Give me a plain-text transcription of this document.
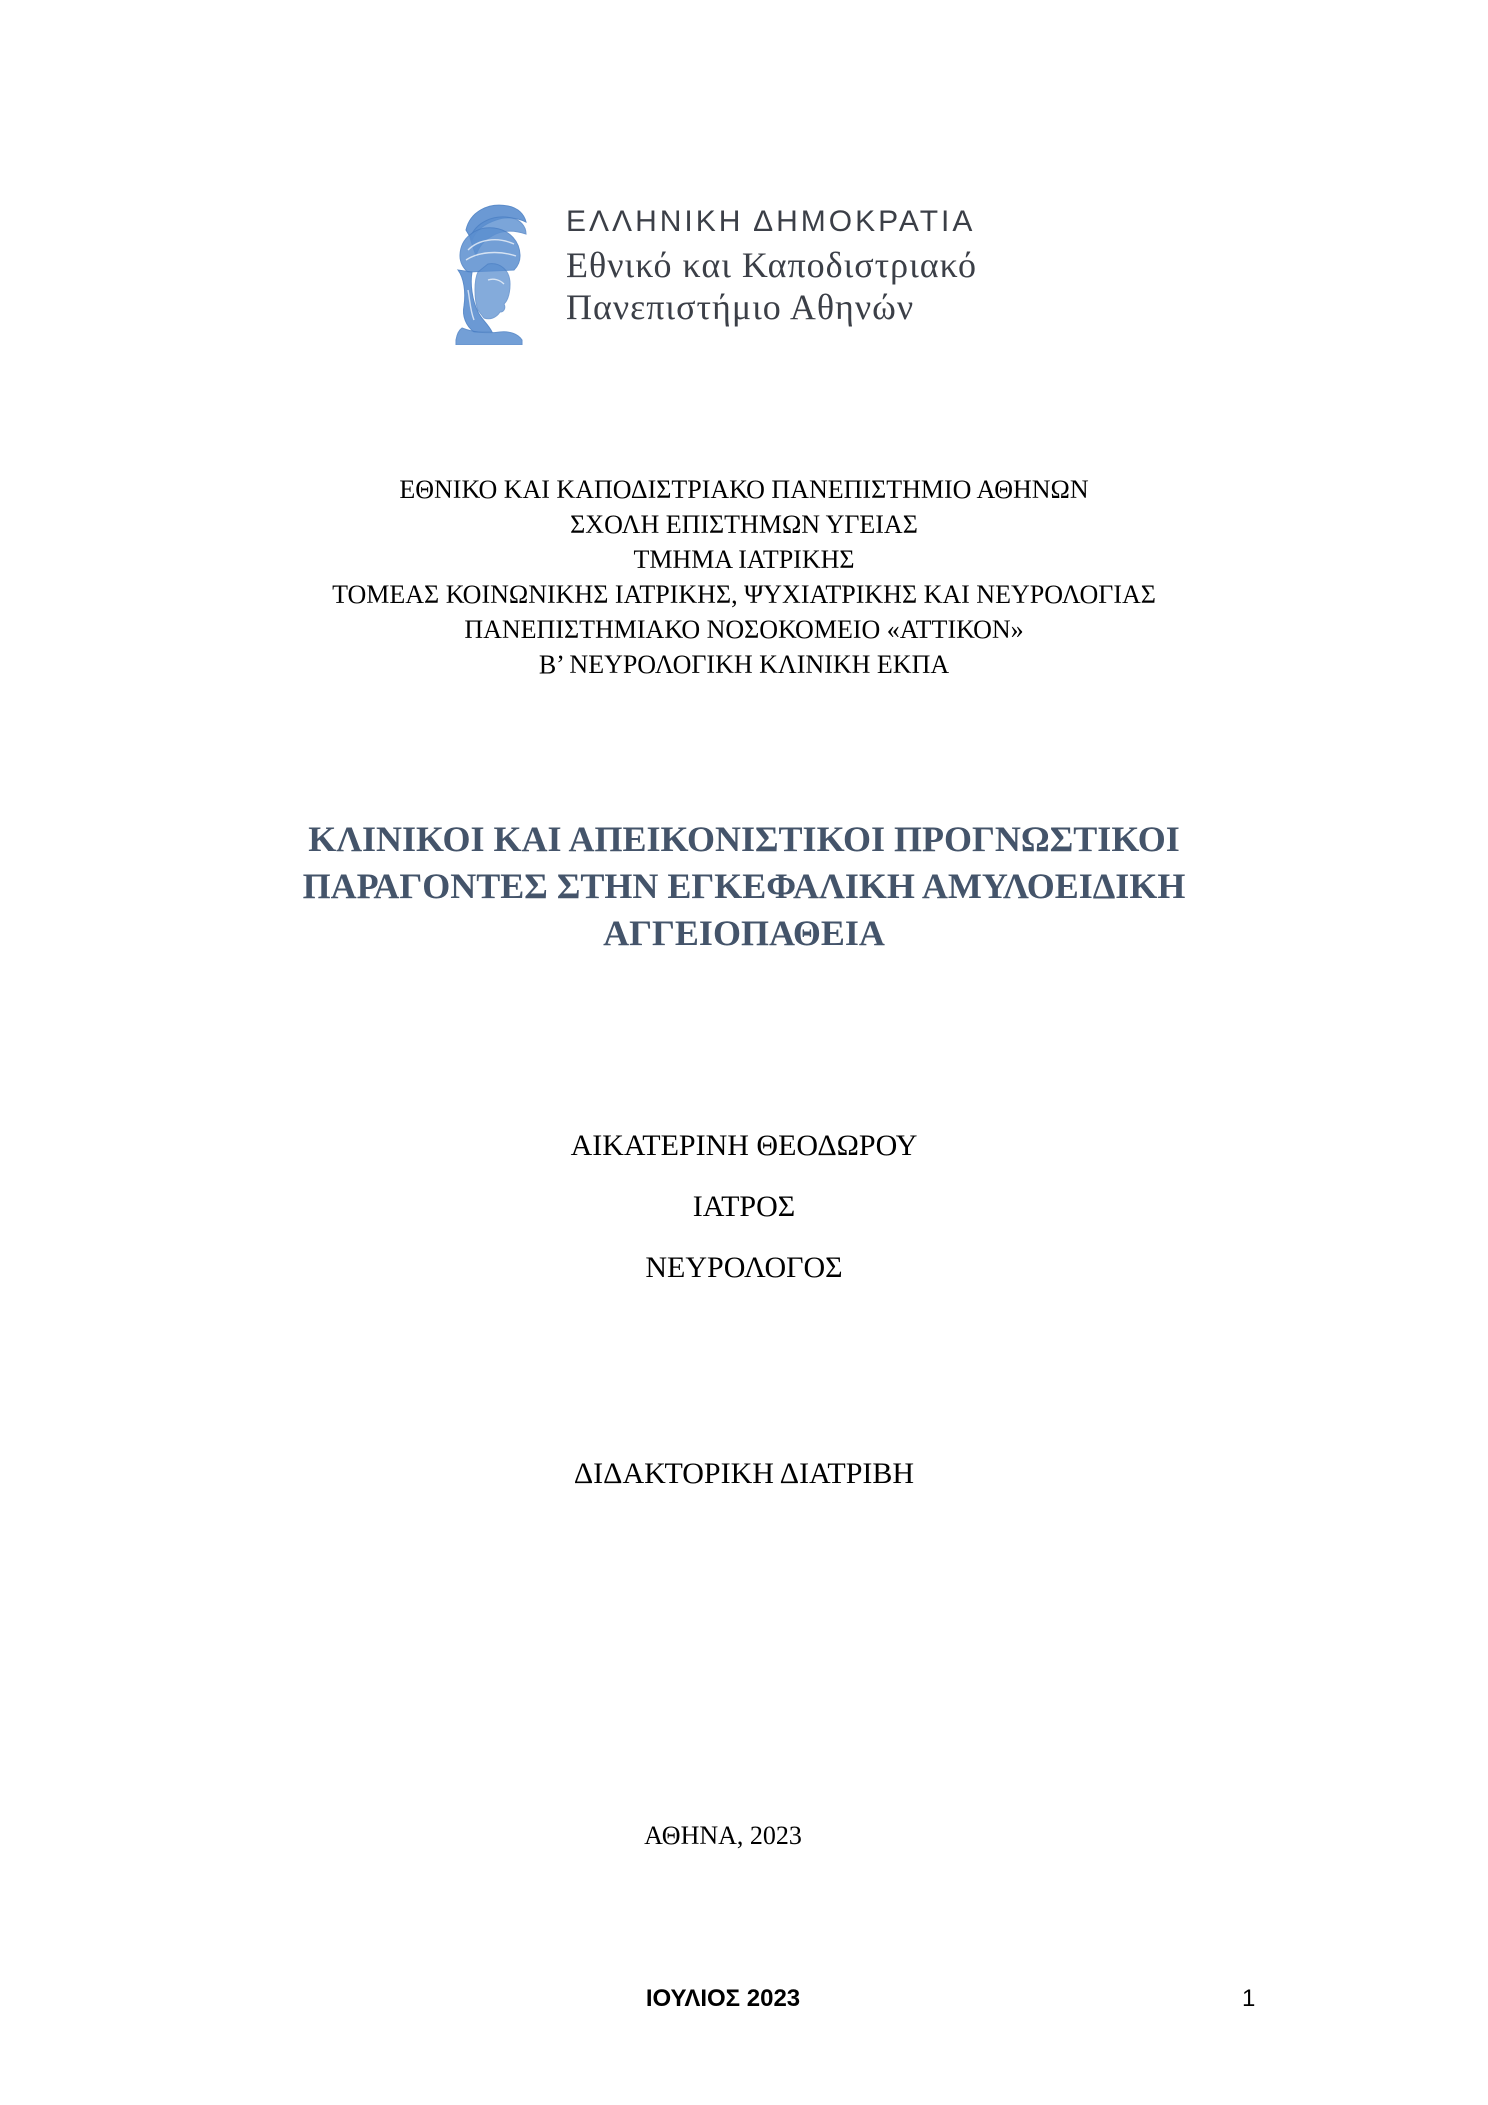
ΕΛΛΗΝΙΚΗ ΔΗΜΟΚΡΑΤΙΑ
Εθνικό και Καποδιστριακό
Πανεπιστήμιο Αθηνών
ΕΘΝΙΚΟ ΚΑΙ ΚΑΠΟΔΙΣΤΡΙΑΚΟ ΠΑΝΕΠΙΣΤΗΜΙΟ ΑΘΗΝΩΝ
ΣΧΟΛΗ ΕΠΙΣΤΗΜΩΝ ΥΓΕΙΑΣ
ΤΜΗΜΑ ΙΑΤΡΙΚΗΣ
ΤΟΜΕΑΣ ΚΟΙΝΩΝΙΚΗΣ ΙΑΤΡΙΚΗΣ, ΨΥΧΙΑΤΡΙΚΗΣ ΚΑΙ ΝΕΥΡΟΛΟΓΙΑΣ
ΠΑΝΕΠΙΣΤΗΜΙΑΚΟ ΝΟΣΟΚΟΜΕΙΟ «ΑΤΤΙΚΟΝ»
Β’ ΝΕΥΡΟΛΟΓΙΚΗ ΚΛΙΝΙΚΗ ΕΚΠΑ
ΚΛΙΝΙΚΟΙ ΚΑΙ ΑΠΕΙΚΟΝΙΣΤΙΚΟΙ ΠΡΟΓΝΩΣΤΙΚΟΙ
ΠΑΡΑΓΟΝΤΕΣ ΣΤΗΝ ΕΓΚΕΦΑΛΙΚΗ ΑΜΥΛΟΕΙΔΙΚΗ
ΑΓΓΕΙΟΠΑΘΕΙΑ
ΑΙΚΑΤΕΡΙΝΗ ΘΕΟΔΩΡΟΥ
ΙΑΤΡΟΣ
ΝΕΥΡΟΛΟΓΟΣ
ΔΙΔΑΚΤΟΡΙΚΗ ΔΙΑΤΡΙΒΗ
ΑΘΗΝΑ, 2023
ΙΟΥΛΙΟΣ 2023	1
